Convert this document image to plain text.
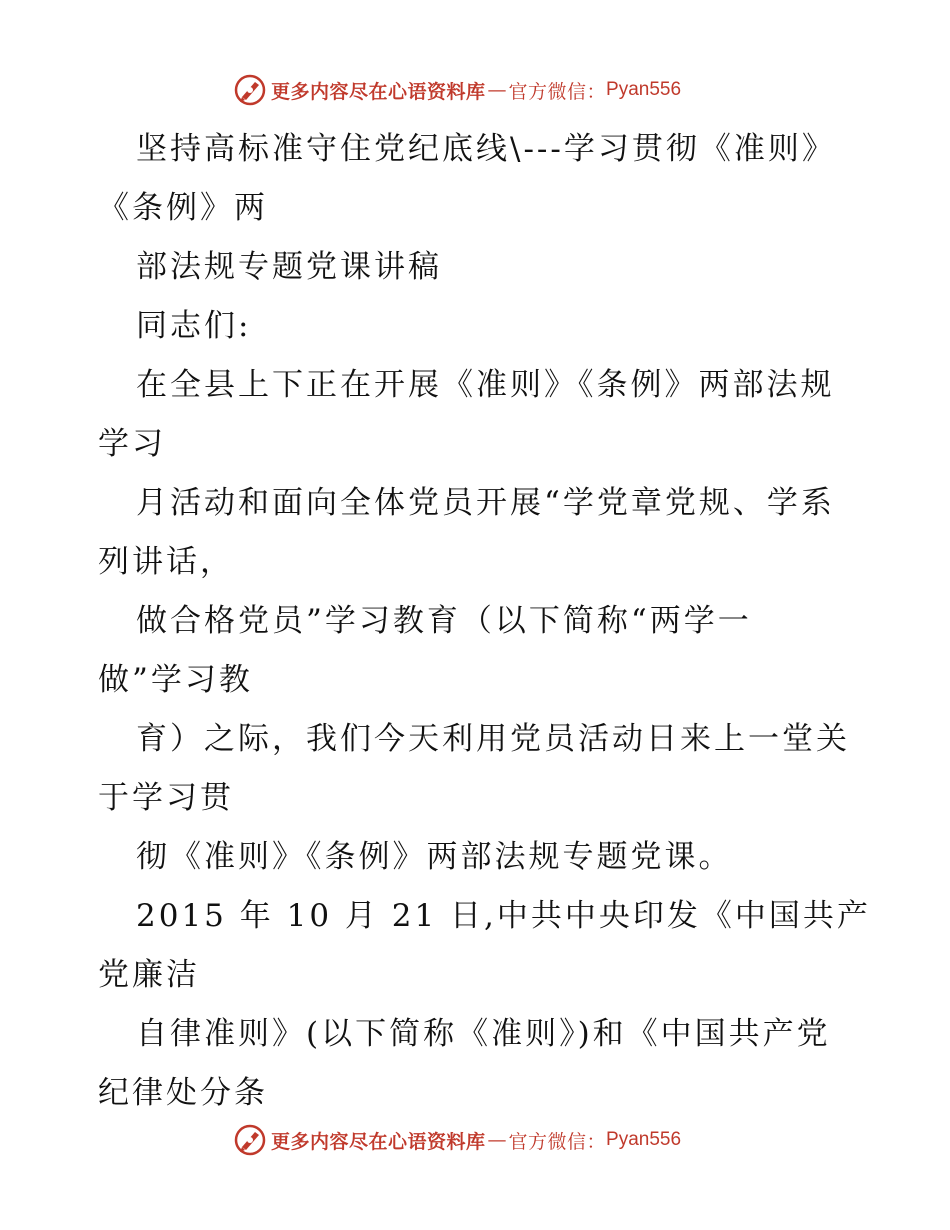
更多内容尽在心语资料库 — 官方微信： Pyan556
坚持高标准守住党纪底线\---学习贯彻《准则》
《条例》两
部法规专题党课讲稿
同志们:
在全县上下正在开展《准则》《条例》两部法规
学习
月活动和面向全体党员开展“学党章党规、学系
列讲话，
做合格党员”学习教育（以下简称“两学一
做”学习教
育）之际，我们今天利用党员活动日来上一堂关
于学习贯
彻《准则》《条例》两部法规专题党课。
2015 年 10 月 21 日,中共中央印发《中国共产
党廉洁
自律准则》(以下简称《准则》)和《中国共产党
纪律处分条
更多内容尽在心语资料库 — 官方微信： Pyan556
